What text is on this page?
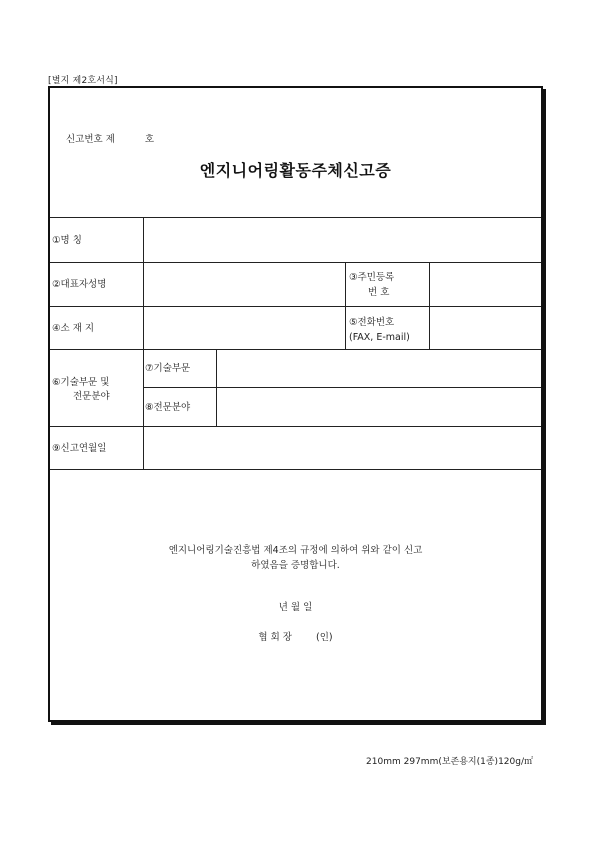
[별지 제2호서식]
신고번호 제	호
엔지니어링활동주체신고증
①명 칭
②대표자성명
③주민등록
번 호
④소 재 지
⑤전화번호
(FAX, E-mail)
⑥기술부문 및
전문분야
⑦기술부문
⑧전문분야
⑨신고연월일
엔지니어링기술진흥법 제4조의 규정에 의하여 위와 같이 신고
하였음을 증명합니다.
년 월 일
협 회 장	(인)
210mm 297mm(보존용지(1종)120g/㎡
